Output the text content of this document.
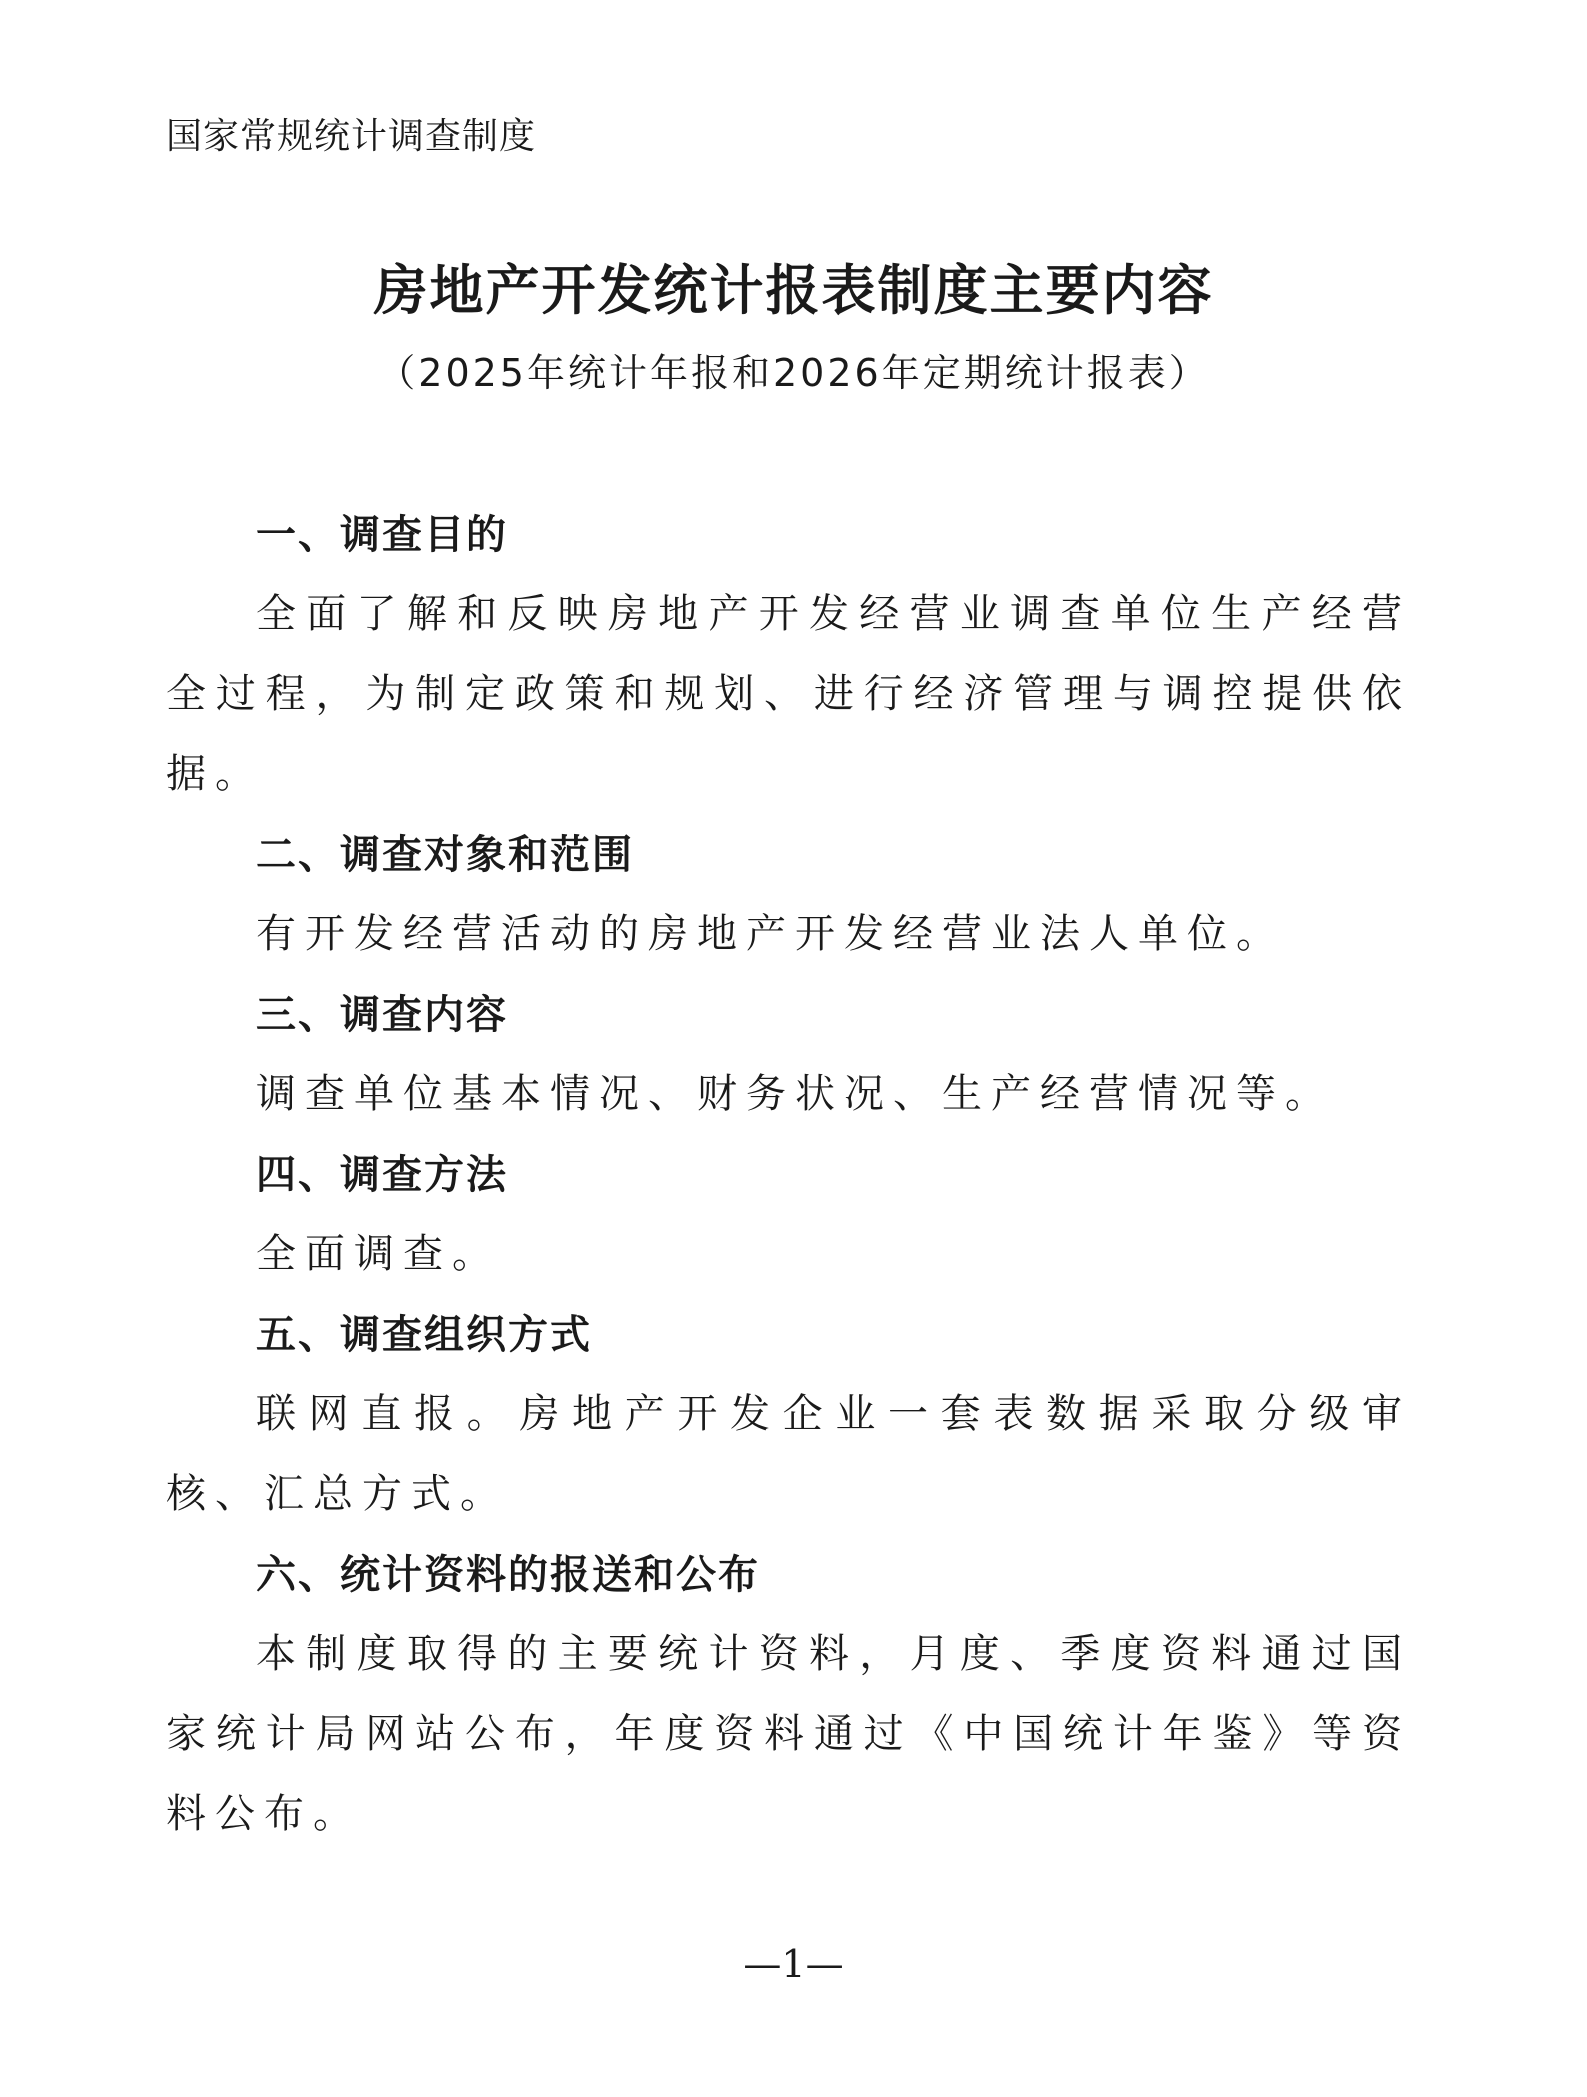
国家常规统计调查制度
房地产开发统计报表制度主要内容
（2025年统计年报和2026年定期统计报表）
一、调查目的

全面了解和反映房地产开发经营业调查单位生产经营全过程，为制定政策和规划、进行经济管理与调控提供依据。

二、调查对象和范围

有开发经营活动的房地产开发经营业法人单位。

三、调查内容

调查单位基本情况、财务状况、生产经营情况等。

四、调查方法

全面调查。

五、调查组织方式

联网直报。房地产开发企业一套表数据采取分级审核、汇总方式。

六、统计资料的报送和公布

本制度取得的主要统计资料，月度、季度资料通过国家统计局网站公布，年度资料通过《中国统计年鉴》等资料公布。

—1—
